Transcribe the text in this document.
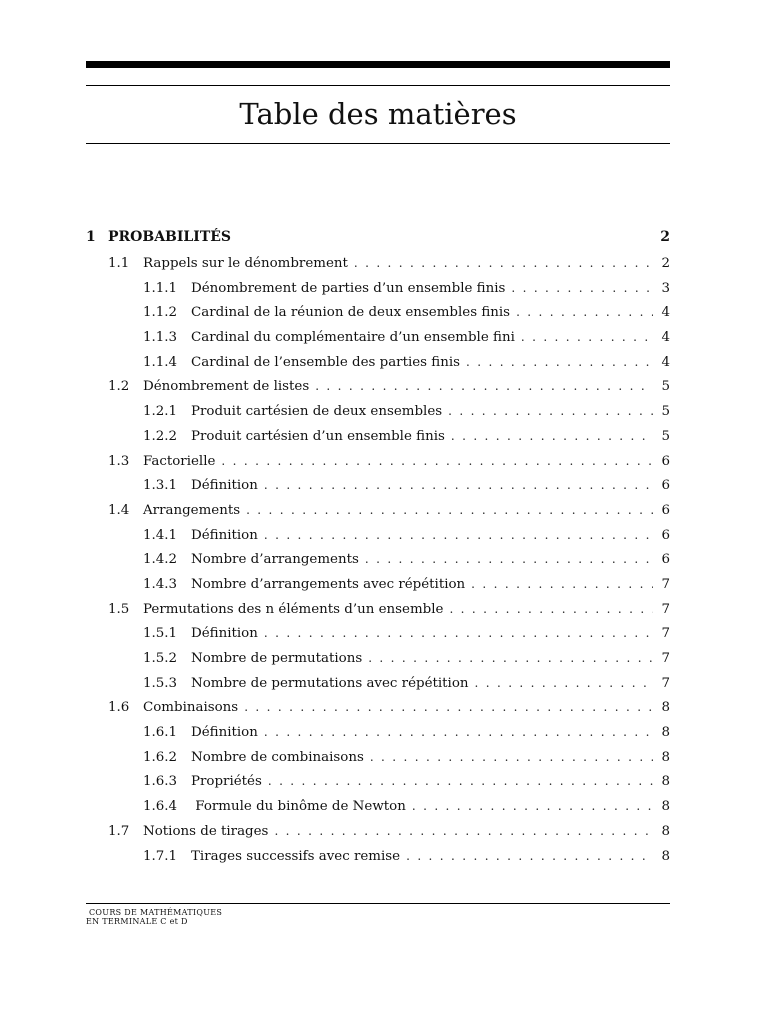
Table des matières
1 PROBABILITÉS	2
1.1	Rappels sur le dénombrement . . .	2
1.1.1	Dénombrement de parties d’un ensemble finis . . .	3
1.1.2	Cardinal de la réunion de deux ensembles finis . . .	4
1.1.3	Cardinal du complémentaire d’un ensemble fini . . .	4
1.1.4	Cardinal de l’ensemble des parties finis . . .	4
1.2	Dénombrement de listes . . .	5
1.2.1	Produit cartésien de deux ensembles . . .	5
1.2.2	Produit cartésien d’un ensemble finis . . .	5
1.3	Factorielle . . .	6
1.3.1	Définition . . .	6
1.4	Arrangements . . .	6
1.4.1	Définition . . .	6
1.4.2	Nombre d’arrangements . . .	6
1.4.3	Nombre d’arrangements avec répétition . . .	7
1.5	Permutations des n éléments d’un ensemble . . .	7
1.5.1	Définition . . .	7
1.5.2	Nombre de permutations . . .	7
1.5.3	Nombre de permutations avec répétition . . .	7
1.6	Combinaisons . . .	8
1.6.1	Définition . . .	8
1.6.2	Nombre de combinaisons . . .	8
1.6.3	Propriétés . . .	8
1.6.4	Formule du binôme de Newton . . .	8
1.7	Notions de tirages . . .	8
1.7.1	Tirages successifs avec remise . . .	8
COURS DE MATHÉMATIQUES
EN TERMINALE C et D
